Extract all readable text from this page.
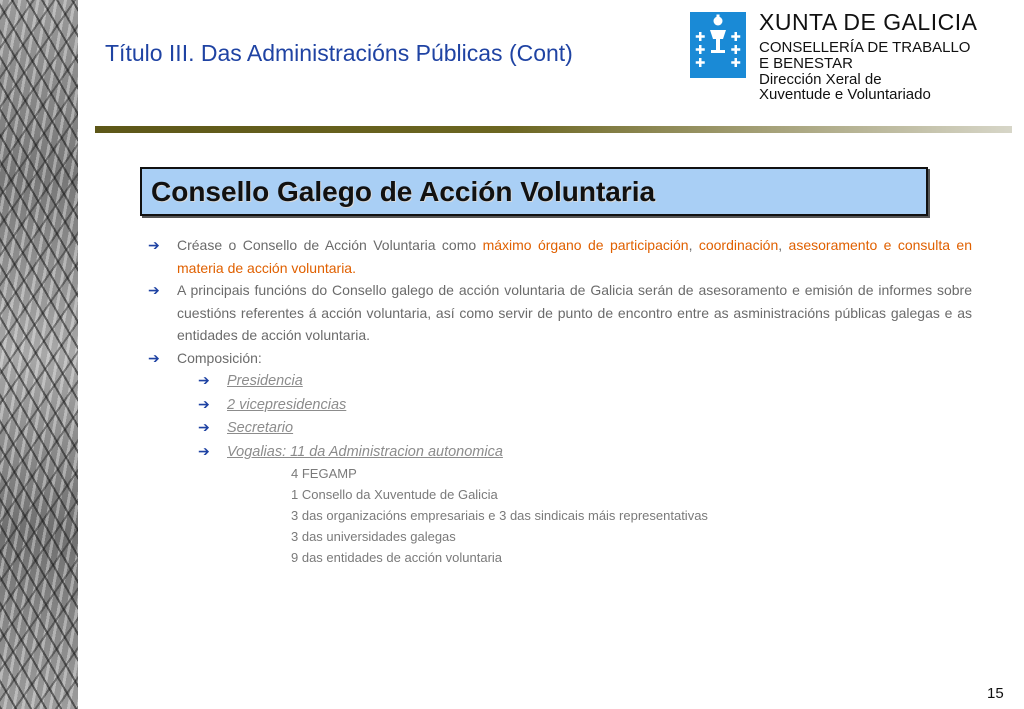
Título III. Das Administracións Públicas (Cont)
XUNTA DE GALICIA
CONSELLERÍA DE TRABALLO
E BENESTAR
Dirección Xeral de
Xuventude e Voluntariado
Consello Galego de Acción Voluntaria
➔ Créase o Consello de Acción Voluntaria como máximo órgano de participación, coordinación, asesoramento e consulta en materia de acción voluntaria.
➔ A principais funcións do Consello galego de acción voluntaria de Galicia serán de asesoramento e emisión de informes sobre cuestións referentes á acción voluntaria, así como servir de punto de encontro entre as asministracións públicas galegas e as entidades de acción voluntaria.
➔ Composición:
➔ Presidencia
➔ 2 vicepresidencias
➔ Secretario
➔ Vogalias: 11 da Administracion autonomica
4 FEGAMP
1 Consello da Xuventude de Galicia
3 das organizacións empresariais e 3 das sindicais máis representativas
3 das universidades galegas
9 das entidades de acción voluntaria
15
